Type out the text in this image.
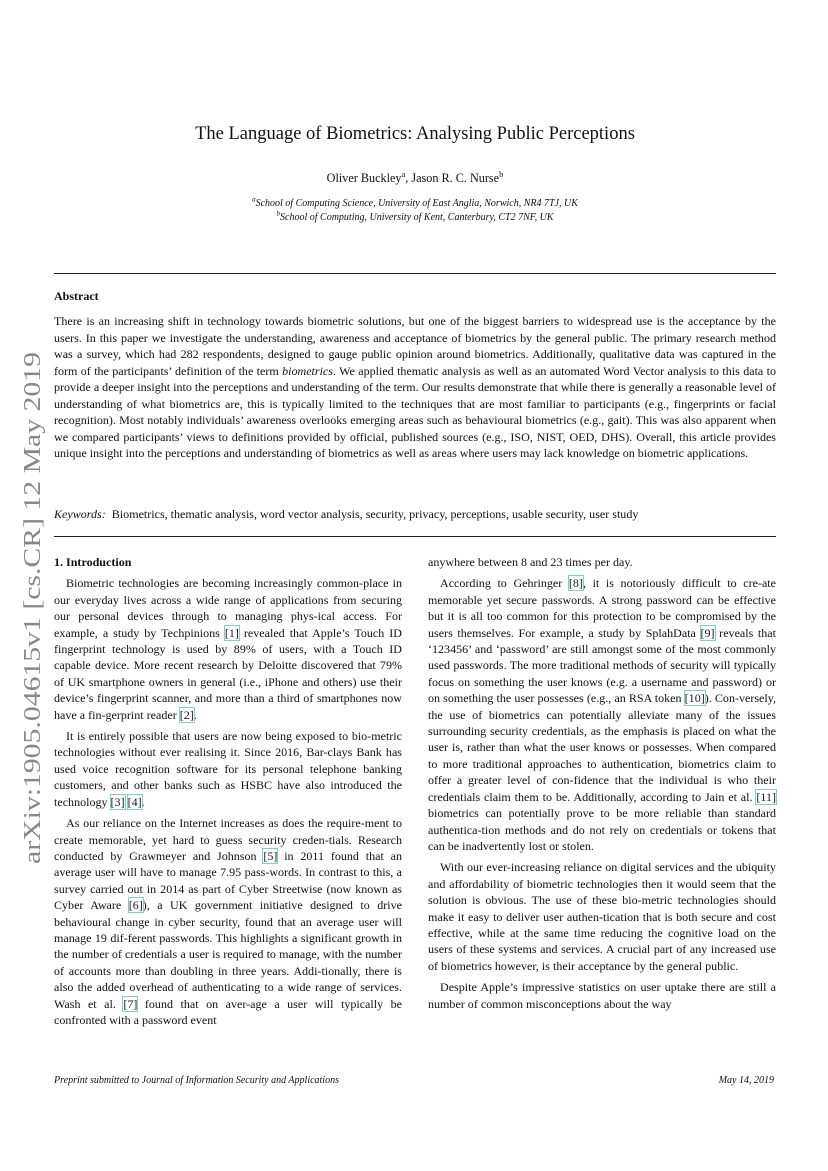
arXiv:1905.04615v1 [cs.CR] 12 May 2019
The Language of Biometrics: Analysing Public Perceptions
Oliver Buckley$^a$, Jason R. C. Nurse$^b$
$^a$School of Computing Science, University of East Anglia, Norwich, NR4 7TJ, UK
$^b$School of Computing, University of Kent, Canterbury, CT2 7NF, UK
Abstract
There is an increasing shift in technology towards biometric solutions, but one of the biggest barriers to widespread use is the acceptance by the users. In this paper we investigate the understanding, awareness and acceptance of biometrics by the general public. The primary research method was a survey, which had 282 respondents, designed to gauge public opinion around biometrics. Additionally, qualitative data was captured in the form of the participants’ definition of the term biometrics. We applied thematic analysis as well as an automated Word Vector analysis to this data to provide a deeper insight into the perceptions and understanding of the term. Our results demonstrate that while there is generally a reasonable level of understanding of what biometrics are, this is typically limited to the techniques that are most familiar to participants (e.g., fingerprints or facial recognition). Most notably individuals’ awareness overlooks emerging areas such as behavioural biometrics (e.g., gait). This was also apparent when we compared participants’ views to definitions provided by official, published sources (e.g., ISO, NIST, OED, DHS). Overall, this article provides unique insight into the perceptions and understanding of biometrics as well as areas where users may lack knowledge on biometric applications.
Keywords: Biometrics, thematic analysis, word vector analysis, security, privacy, perceptions, usable security, user study
1. Introduction

Biometric technologies are becoming increasingly common-place in our everyday lives across a wide range of applications from securing our personal devices through to managing phys-ical access. For example, a study by Techpinions [1] revealed that Apple’s Touch ID fingerprint technology is used by 89% of users, with a Touch ID capable device. More recent research by Deloitte discovered that 79% of UK smartphone owners in general (i.e., iPhone and others) use their device’s fingerprint scanner, and more than a third of smartphones now have a fin-gerprint reader [2].

It is entirely possible that users are now being exposed to bio-metric technologies without ever realising it. Since 2016, Bar-clays Bank has used voice recognition software for its personal telephone banking customers, and other banks such as HSBC have also introduced the technology [3] [4].

As our reliance on the Internet increases as does the require-ment to create memorable, yet hard to guess security creden-tials. Research conducted by Grawmeyer and Johnson [5] in 2011 found that an average user will have to manage 7.95 pass-words. In contrast to this, a survey carried out in 2014 as part of Cyber Streetwise (now known as Cyber Aware [6]), a UK government initiative designed to drive behavioural change in cyber security, found that an average user will manage 19 dif-ferent passwords. This highlights a significant growth in the number of credentials a user is required to manage, with the number of accounts more than doubling in three years. Addi-tionally, there is also the added overhead of authenticating to a wide range of services. Wash et al. [7] found that on aver-age a user will typically be confronted with a password event

anywhere between 8 and 23 times per day.

According to Gehringer [8], it is notoriously difficult to cre-ate memorable yet secure passwords. A strong password can be effective but it is all too common for this protection to be compromised by the users themselves. For example, a study by SplahData [9] reveals that ‘123456’ and ‘password’ are still amongst some of the most commonly used passwords. The more traditional methods of security will typically focus on something the user knows (e.g. a username and password) or on something the user possesses (e.g., an RSA token [10]). Con-versely, the use of biometrics can potentially alleviate many of the issues surrounding security credentials, as the emphasis is placed on what the user is, rather than what the user knows or possesses. When compared to more traditional approaches to authentication, biometrics claim to offer a greater level of con-fidence that the individual is who their credentials claim them to be. Additionally, according to Jain et al. [11] biometrics can potentially prove to be more reliable than standard authentica-tion methods and do not rely on credentials or tokens that can be inadvertently lost or stolen.

With our ever-increasing reliance on digital services and the ubiquity and affordability of biometric technologies then it would seem that the solution is obvious. The use of these bio-metric technologies should make it easy to deliver user authen-tication that is both secure and cost effective, while at the same time reducing the cognitive load on the users of these systems and services. A crucial part of any increased use of biometrics however, is their acceptance by the general public.

Despite Apple’s impressive statistics on user uptake there are still a number of common misconceptions about the way

Preprint submitted to Journal of Information Security and Applications	May 14, 2019
